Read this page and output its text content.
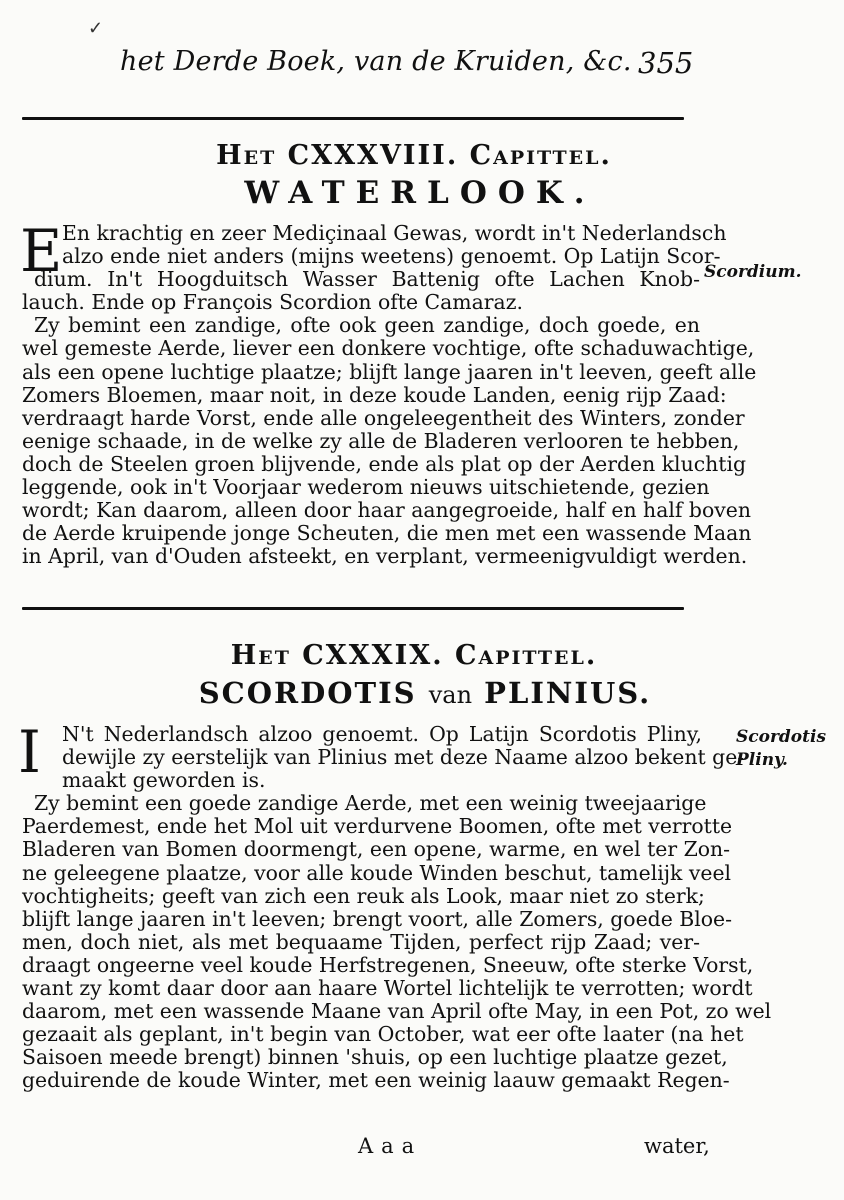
✓
het Derde Boek, van de Kruiden, &c. 355
Het CXXXVIII. Capittel.
WATERLOOK.
E	Scordium.
En krachtig en zeer Mediçinaal Gewas, wordt in't Nederlandsch
alzo ende niet anders (mijns weetens) genoemt. Op Latijn Scor-
dium. In't Hoogduitsch Wasser Battenig ofte Lachen Knob-
lauch. Ende op François Scordion ofte Camaraz.
Zy bemint een zandige, ofte ook geen zandige, doch goede, en
wel gemeste Aerde, liever een donkere vochtige, ofte schaduwachtige,
als een opene luchtige plaatze; blijft lange jaaren in't leeven, geeft alle
Zomers Bloemen, maar noit, in deze koude Landen, eenig rijp Zaad:
verdraagt harde Vorst, ende alle ongeleegentheit des Winters, zonder
eenige schaade, in de welke zy alle de Bladeren verlooren te hebben,
doch de Steelen groen blijvende, ende als plat op der Aerden kluchtig
leggende, ook in't Voorjaar wederom nieuws uitschietende, gezien
wordt; Kan daarom, alleen door haar aangegroeide, half en half boven
de Aerde kruipende jonge Scheuten, die men met een wassende Maan
in April, van d'Ouden afsteekt, en verplant, vermeenigvuldigt werden.
Het CXXXIX. Capittel.
SCORDOTIS van PLINIUS.
I	Scordotis
Pliny.
N't Nederlandsch alzoo genoemt. Op Latijn Scordotis Pliny,
dewijle zy eerstelijk van Plinius met deze Naame alzoo bekent ge-
maakt geworden is.
Zy bemint een goede zandige Aerde, met een weinig tweejaarige
Paerdemest, ende het Mol uit verdurvene Boomen, ofte met verrotte
Bladeren van Bomen doormengt, een opene, warme, en wel ter Zon-
ne geleegene plaatze, voor alle koude Winden beschut, tamelijk veel
vochtigheits; geeft van zich een reuk als Look, maar niet zo sterk;
blijft lange jaaren in't leeven; brengt voort, alle Zomers, goede Bloe-
men, doch niet, als met bequaame Tijden, perfect rijp Zaad; ver-
draagt ongeerne veel koude Herfstregenen, Sneeuw, ofte sterke Vorst,
want zy komt daar door aan haare Wortel lichtelijk te verrotten; wordt
daarom, met een wassende Maane van April ofte May, in een Pot, zo wel
gezaait als geplant, in't begin van October, wat eer ofte laater (na het
Saisoen meede brengt) binnen 'shuis, op een luchtige plaatze gezet,
geduirende de koude Winter, met een weinig laauw gemaakt Regen-
Aaa	water,
